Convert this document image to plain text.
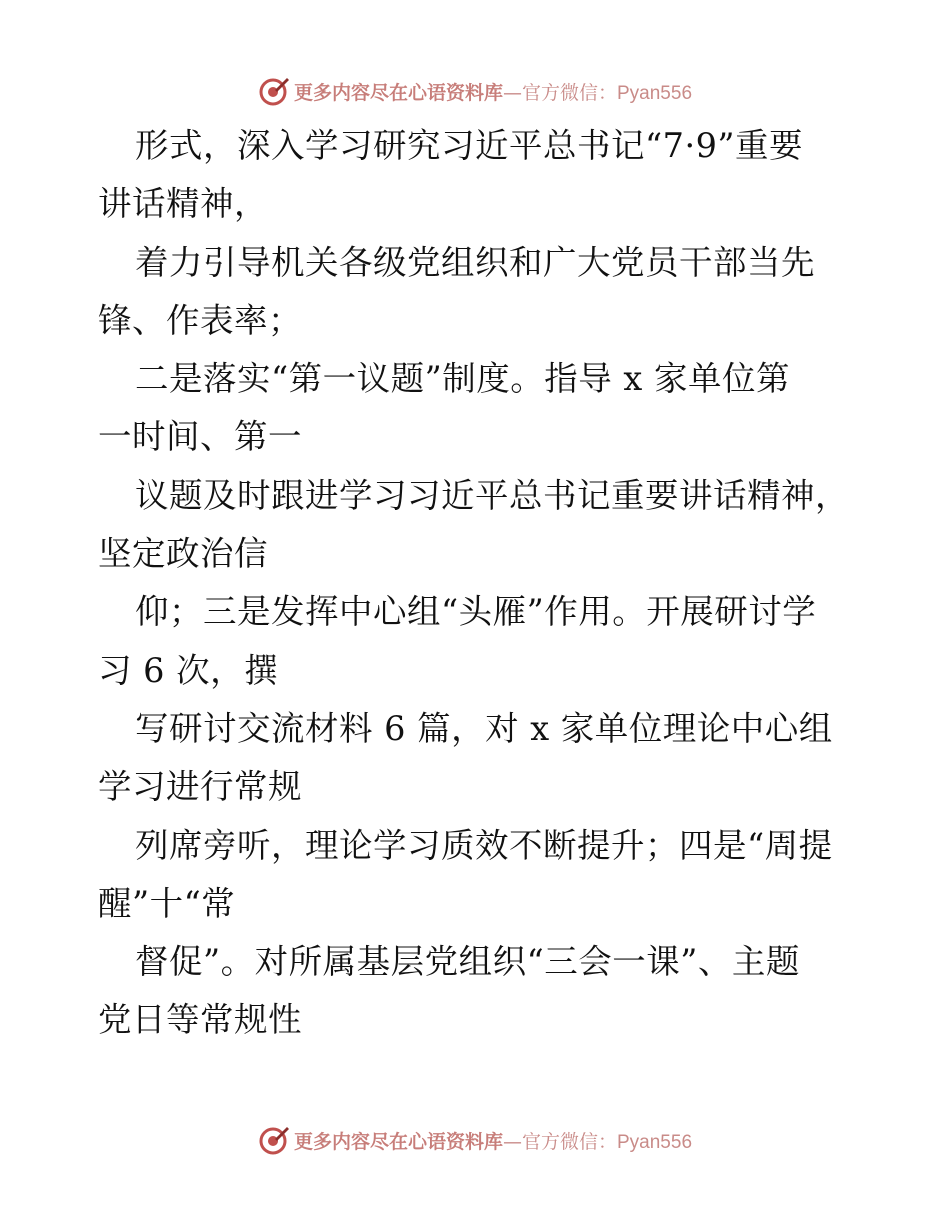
更多内容尽在心语资料库—官方微信：Pyan556
形式，深入学习研究习近平总书记“7·9”重要
讲话精神，
着力引导机关各级党组织和广大党员干部当先
锋、作表率；
二是落实“第一议题”制度。指导 x 家单位第
一时间、第一
议题及时跟进学习习近平总书记重要讲话精神，
坚定政治信
仰；三是发挥中心组“头雁”作用。开展研讨学
习 6 次，撰
写研讨交流材料 6 篇，对 x 家单位理论中心组
学习进行常规
列席旁听，理论学习质效不断提升；四是“周提
醒”十“常
督促”。对所属基层党组织“三会一课”、主题
党日等常规性
更多内容尽在心语资料库—官方微信：Pyan556
